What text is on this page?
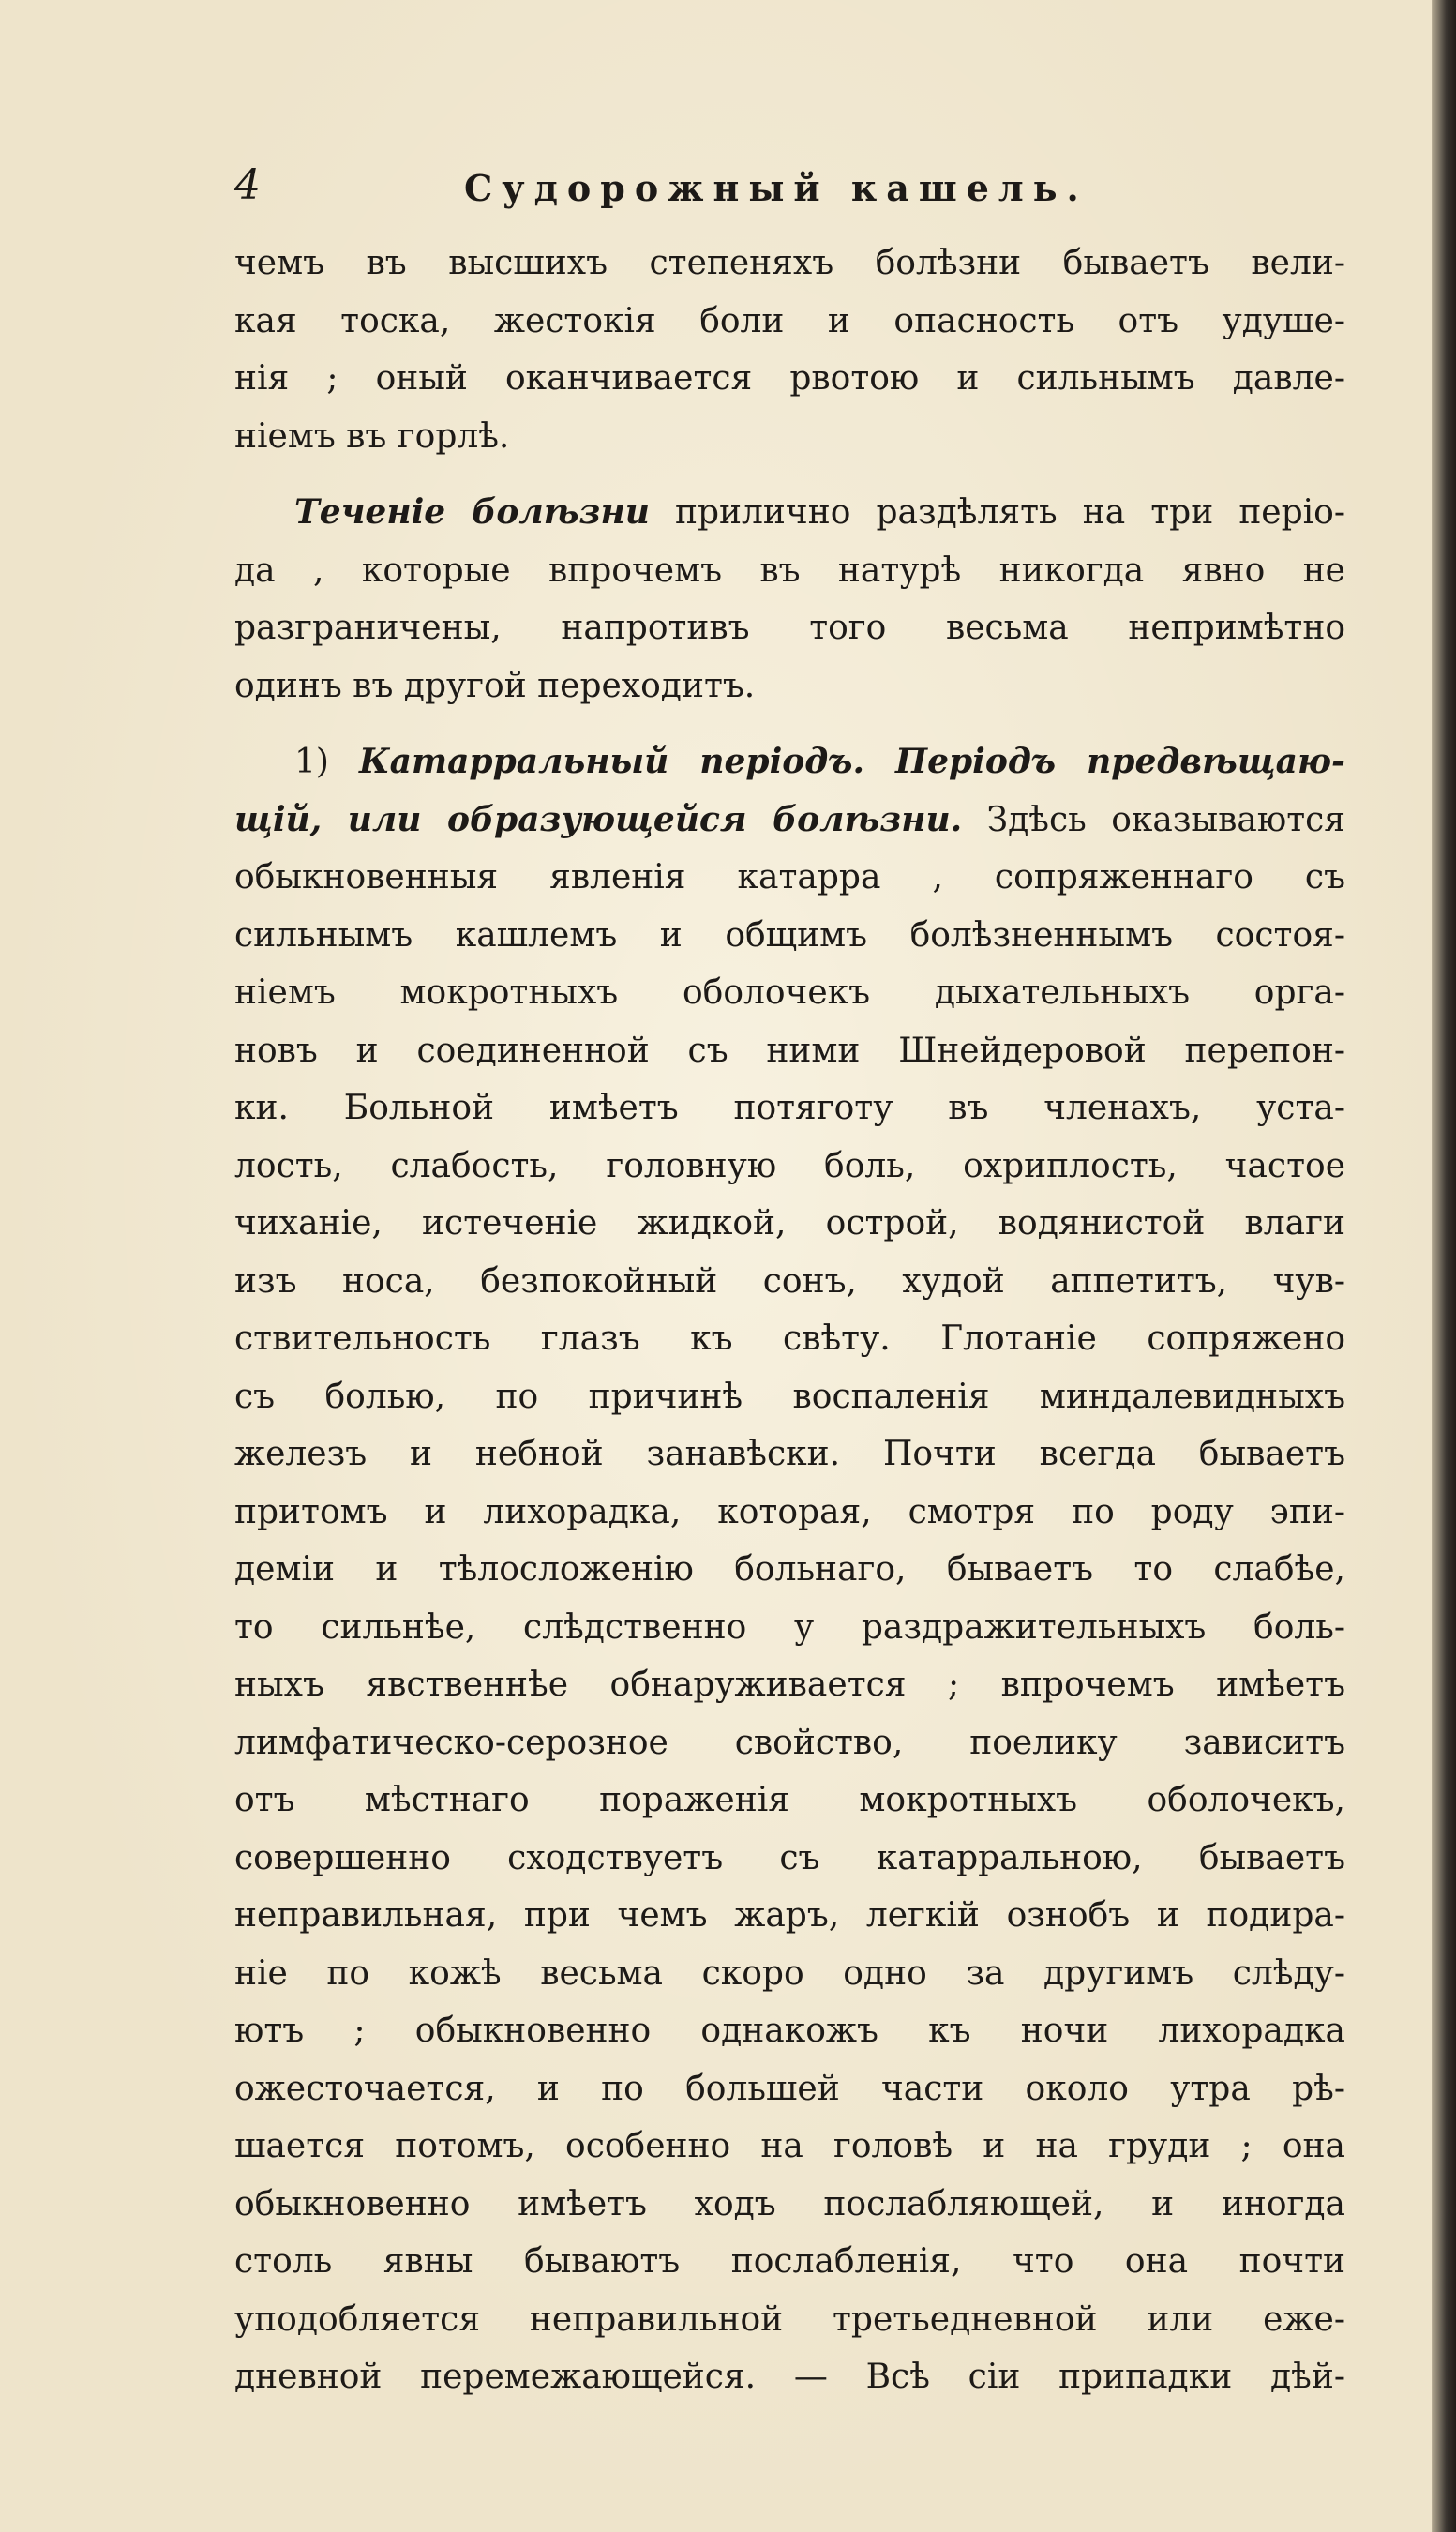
4	Судорожный кашель.
чемъ въ высшихъ степеняхъ болѣзни бываетъ вели-
кая тоска, жестокія боли и опасность отъ удуше-
нія ; оный оканчивается рвотою и сильнымъ давле-
ніемъ въ горлѣ.
Теченіе болѣзни прилично раздѣлять на три періо-
да , которые впрочемъ въ натурѣ никогда явно не
разграничены, напротивъ того весьма непримѣтно
одинъ въ другой переходитъ.
1) Катарральный періодъ. Періодъ предвѣщаю-
щій, или образующейся болѣзни. Здѣсь оказываются
обыкновенныя явленія катарра , сопряженнаго съ
сильнымъ кашлемъ и общимъ болѣзненнымъ состоя-
ніемъ мокротныхъ оболочекъ дыхательныхъ орга-
новъ и соединенной съ ними Шнейдеровой перепон-
ки. Больной имѣетъ потяготу въ членахъ, уста-
лость, слабость, головную боль, охриплость, частое
чиханіе, истеченіе жидкой, острой, водянистой влаги
изъ носа, безпокойный сонъ, худой аппетитъ, чув-
ствительность глазъ къ свѣту. Глотаніе сопряжено
съ болью, по причинѣ воспаленія миндалевидныхъ
железъ и небной занавѣски. Почти всегда бываетъ
притомъ и лихорадка, которая, смотря по роду эпи-
деміи и тѣлосложенію больнаго, бываетъ то слабѣе,
то сильнѣе, слѣдственно у раздражительныхъ боль-
ныхъ явственнѣе обнаруживается ; впрочемъ имѣетъ
лимфатическо-серозное свойство, поелику зависитъ
отъ мѣстнаго пораженія мокротныхъ оболочекъ,
совершенно сходствуетъ съ катарральною, бываетъ
неправильная, при чемъ жаръ, легкій ознобъ и подира-
ніе по кожѣ весьма скоро одно за другимъ слѣду-
ютъ ; обыкновенно однакожъ къ ночи лихорадка
ожесточается, и по большей части около утра рѣ-
шается потомъ, особенно на головѣ и на груди ; она
обыкновенно имѣетъ ходъ послабляющей, и иногда
столь явны бываютъ послабленія, что она почти
уподобляется неправильной третьедневной или еже-
дневной перемежающейся. — Всѣ сіи припадки дѣй-
